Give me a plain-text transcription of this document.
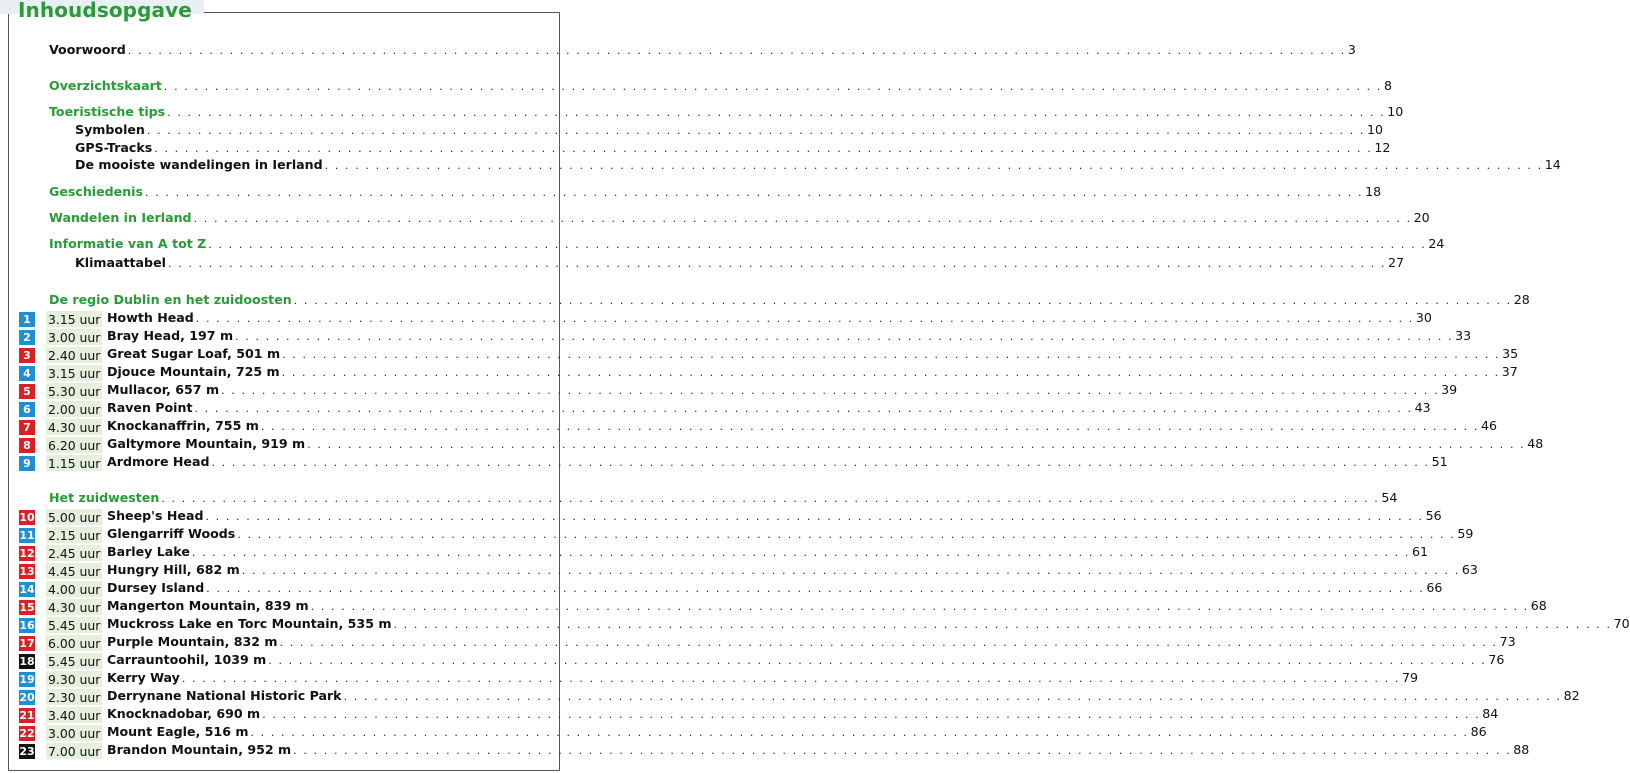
Inhoudsopgave
Voorwoord . . . . . . . . . . . . . . . . . . . . . . . . . . . . . . . . . . . . . . . . . . . . . . . . . . . . . . . . . . . . . . . . . . . . . . . . . . . . . . . . . . . . . . . . . . . . . . . . . . . . . . . . . . . . . . . . . . . . . . . . 3
Overzichtskaart . . . . . . . . . . . . . . . . . . . . . . . . . . . . . . . . . . . . . . . . . . . . . . . . . . . . . . . . . . . . . . . . . . . . . . . . . . . . . . . . . . . . . . . . . . . . . . . . . . . . . . . . . . . . . . . . . . . . . . . . 8
Toeristische tips . . . . . . . . . . . . . . . . . . . . . . . . . . . . . . . . . . . . . . . . . . . . . . . . . . . . . . . . . . . . . . . . . . . . . . . . . . . . . . . . . . . . . . . . . . . . . . . . . . . . . . . . . . . . . . . . . . . . . . . . 10
Symbolen . . . . . . . . . . . . . . . . . . . . . . . . . . . . . . . . . . . . . . . . . . . . . . . . . . . . . . . . . . . . . . . . . . . . . . . . . . . . . . . . . . . . . . . . . . . . . . . . . . . . . . . . . . . . . . . . . . . . . . . . 10
GPS-Tracks . . . . . . . . . . . . . . . . . . . . . . . . . . . . . . . . . . . . . . . . . . . . . . . . . . . . . . . . . . . . . . . . . . . . . . . . . . . . . . . . . . . . . . . . . . . . . . . . . . . . . . . . . . . . . . . . . . . . . . . . 12
De mooiste wandelingen in Ierland . . . . . . . . . . . . . . . . . . . . . . . . . . . . . . . . . . . . . . . . . . . . . . . . . . . . . . . . . . . . . . . . . . . . . . . . . . . . . . . . . . . . . . . . . . . . . . . . . . . . . . . . . . . . . . . . . . . . . . . . 14
Geschiedenis . . . . . . . . . . . . . . . . . . . . . . . . . . . . . . . . . . . . . . . . . . . . . . . . . . . . . . . . . . . . . . . . . . . . . . . . . . . . . . . . . . . . . . . . . . . . . . . . . . . . . . . . . . . . . . . . . . . . . . . . 18
Wandelen in Ierland . . . . . . . . . . . . . . . . . . . . . . . . . . . . . . . . . . . . . . . . . . . . . . . . . . . . . . . . . . . . . . . . . . . . . . . . . . . . . . . . . . . . . . . . . . . . . . . . . . . . . . . . . . . . . . . . . . . . . . . . 20
Informatie van A tot Z . . . . . . . . . . . . . . . . . . . . . . . . . . . . . . . . . . . . . . . . . . . . . . . . . . . . . . . . . . . . . . . . . . . . . . . . . . . . . . . . . . . . . . . . . . . . . . . . . . . . . . . . . . . . . . . . . . . . . . . . 24
Klimaattabel . . . . . . . . . . . . . . . . . . . . . . . . . . . . . . . . . . . . . . . . . . . . . . . . . . . . . . . . . . . . . . . . . . . . . . . . . . . . . . . . . . . . . . . . . . . . . . . . . . . . . . . . . . . . . . . . . . . . . . . . 27
De regio Dublin en het zuidoosten . . . . . . . . . . . . . . . . . . . . . . . . . . . . . . . . . . . . . . . . . . . . . . . . . . . . . . . . . . . . . . . . . . . . . . . . . . . . . . . . . . . . . . . . . . . . . . . . . . . . . . . . . . . . . . . . . . . . . . . . 28
1	3.15 uur Howth Head . . . . . . . . . . . . . . . . . . . . . . . . . . . . . . . . . . . . . . . . . . . . . . . . . . . . . . . . . . . . . . . . . . . . . . . . . . . . . . . . . . . . . . . . . . . . . . . . . . . . . . . . . . . . . . . . . . . . . . . . 30
2	3.00 uur Bray Head, 197 m . . . . . . . . . . . . . . . . . . . . . . . . . . . . . . . . . . . . . . . . . . . . . . . . . . . . . . . . . . . . . . . . . . . . . . . . . . . . . . . . . . . . . . . . . . . . . . . . . . . . . . . . . . . . . . . . . . . . . . . . 33
3	2.40 uur Great Sugar Loaf, 501 m . . . . . . . . . . . . . . . . . . . . . . . . . . . . . . . . . . . . . . . . . . . . . . . . . . . . . . . . . . . . . . . . . . . . . . . . . . . . . . . . . . . . . . . . . . . . . . . . . . . . . . . . . . . . . . . . . . . . . . . . 35
4	3.15 uur Djouce Mountain, 725 m . . . . . . . . . . . . . . . . . . . . . . . . . . . . . . . . . . . . . . . . . . . . . . . . . . . . . . . . . . . . . . . . . . . . . . . . . . . . . . . . . . . . . . . . . . . . . . . . . . . . . . . . . . . . . . . . . . . . . . . . 37
5	5.30 uur Mullacor, 657 m . . . . . . . . . . . . . . . . . . . . . . . . . . . . . . . . . . . . . . . . . . . . . . . . . . . . . . . . . . . . . . . . . . . . . . . . . . . . . . . . . . . . . . . . . . . . . . . . . . . . . . . . . . . . . . . . . . . . . . . . 39
6	2.00 uur Raven Point . . . . . . . . . . . . . . . . . . . . . . . . . . . . . . . . . . . . . . . . . . . . . . . . . . . . . . . . . . . . . . . . . . . . . . . . . . . . . . . . . . . . . . . . . . . . . . . . . . . . . . . . . . . . . . . . . . . . . . . . 43
7	4.30 uur Knockanaffrin, 755 m . . . . . . . . . . . . . . . . . . . . . . . . . . . . . . . . . . . . . . . . . . . . . . . . . . . . . . . . . . . . . . . . . . . . . . . . . . . . . . . . . . . . . . . . . . . . . . . . . . . . . . . . . . . . . . . . . . . . . . . . 46
8	6.20 uur Galtymore Mountain, 919 m . . . . . . . . . . . . . . . . . . . . . . . . . . . . . . . . . . . . . . . . . . . . . . . . . . . . . . . . . . . . . . . . . . . . . . . . . . . . . . . . . . . . . . . . . . . . . . . . . . . . . . . . . . . . . . . . . . . . . . . . 48
9	1.15 uur Ardmore Head . . . . . . . . . . . . . . . . . . . . . . . . . . . . . . . . . . . . . . . . . . . . . . . . . . . . . . . . . . . . . . . . . . . . . . . . . . . . . . . . . . . . . . . . . . . . . . . . . . . . . . . . . . . . . . . . . . . . . . . . 51
Het zuidwesten . . . . . . . . . . . . . . . . . . . . . . . . . . . . . . . . . . . . . . . . . . . . . . . . . . . . . . . . . . . . . . . . . . . . . . . . . . . . . . . . . . . . . . . . . . . . . . . . . . . . . . . . . . . . . . . . . . . . . . . . 54
10 5.00 uur Sheep's Head . . . . . . . . . . . . . . . . . . . . . . . . . . . . . . . . . . . . . . . . . . . . . . . . . . . . . . . . . . . . . . . . . . . . . . . . . . . . . . . . . . . . . . . . . . . . . . . . . . . . . . . . . . . . . . . . . . . . . . . . 56
11 2.15 uur Glengarriff Woods . . . . . . . . . . . . . . . . . . . . . . . . . . . . . . . . . . . . . . . . . . . . . . . . . . . . . . . . . . . . . . . . . . . . . . . . . . . . . . . . . . . . . . . . . . . . . . . . . . . . . . . . . . . . . . . . . . . . . . . . 59
12 2.45 uur Barley Lake . . . . . . . . . . . . . . . . . . . . . . . . . . . . . . . . . . . . . . . . . . . . . . . . . . . . . . . . . . . . . . . . . . . . . . . . . . . . . . . . . . . . . . . . . . . . . . . . . . . . . . . . . . . . . . . . . . . . . . . . 61
13 4.45 uur Hungry Hill, 682 m . . . . . . . . . . . . . . . . . . . . . . . . . . . . . . . . . . . . . . . . . . . . . . . . . . . . . . . . . . . . . . . . . . . . . . . . . . . . . . . . . . . . . . . . . . . . . . . . . . . . . . . . . . . . . . . . . . . . . . . . 63
14 4.00 uur Dursey Island . . . . . . . . . . . . . . . . . . . . . . . . . . . . . . . . . . . . . . . . . . . . . . . . . . . . . . . . . . . . . . . . . . . . . . . . . . . . . . . . . . . . . . . . . . . . . . . . . . . . . . . . . . . . . . . . . . . . . . . . 66
15 4.30 uur Mangerton Mountain, 839 m . . . . . . . . . . . . . . . . . . . . . . . . . . . . . . . . . . . . . . . . . . . . . . . . . . . . . . . . . . . . . . . . . . . . . . . . . . . . . . . . . . . . . . . . . . . . . . . . . . . . . . . . . . . . . . . . . . . . . . . . 68
16 5.45 uur Muckross Lake en Torc Mountain, 535 m . . . . . . . . . . . . . . . . . . . . . . . . . . . . . . . . . . . . . . . . . . . . . . . . . . . . . . . . . . . . . . . . . . . . . . . . . . . . . . . . . . . . . . . . . . . . . . . . . . . . . . . . . . . . . . . . . . . . . . . . 70
17 6.00 uur Purple Mountain, 832 m . . . . . . . . . . . . . . . . . . . . . . . . . . . . . . . . . . . . . . . . . . . . . . . . . . . . . . . . . . . . . . . . . . . . . . . . . . . . . . . . . . . . . . . . . . . . . . . . . . . . . . . . . . . . . . . . . . . . . . . . 73
18 5.45 uur Carrauntoohil, 1039 m . . . . . . . . . . . . . . . . . . . . . . . . . . . . . . . . . . . . . . . . . . . . . . . . . . . . . . . . . . . . . . . . . . . . . . . . . . . . . . . . . . . . . . . . . . . . . . . . . . . . . . . . . . . . . . . . . . . . . . . . 76
19 9.30 uur Kerry Way . . . . . . . . . . . . . . . . . . . . . . . . . . . . . . . . . . . . . . . . . . . . . . . . . . . . . . . . . . . . . . . . . . . . . . . . . . . . . . . . . . . . . . . . . . . . . . . . . . . . . . . . . . . . . . . . . . . . . . . . 79
20 2.30 uur Derrynane National Historic Park . . . . . . . . . . . . . . . . . . . . . . . . . . . . . . . . . . . . . . . . . . . . . . . . . . . . . . . . . . . . . . . . . . . . . . . . . . . . . . . . . . . . . . . . . . . . . . . . . . . . . . . . . . . . . . . . . . . . . . . . 82
21 3.40 uur Knocknadobar, 690 m . . . . . . . . . . . . . . . . . . . . . . . . . . . . . . . . . . . . . . . . . . . . . . . . . . . . . . . . . . . . . . . . . . . . . . . . . . . . . . . . . . . . . . . . . . . . . . . . . . . . . . . . . . . . . . . . . . . . . . . . 84
22 3.00 uur Mount Eagle, 516 m . . . . . . . . . . . . . . . . . . . . . . . . . . . . . . . . . . . . . . . . . . . . . . . . . . . . . . . . . . . . . . . . . . . . . . . . . . . . . . . . . . . . . . . . . . . . . . . . . . . . . . . . . . . . . . . . . . . . . . . . 86
23 7.00 uur Brandon Mountain, 952 m . . . . . . . . . . . . . . . . . . . . . . . . . . . . . . . . . . . . . . . . . . . . . . . . . . . . . . . . . . . . . . . . . . . . . . . . . . . . . . . . . . . . . . . . . . . . . . . . . . . . . . . . . . . . . . . . . . . . . . . . 88
